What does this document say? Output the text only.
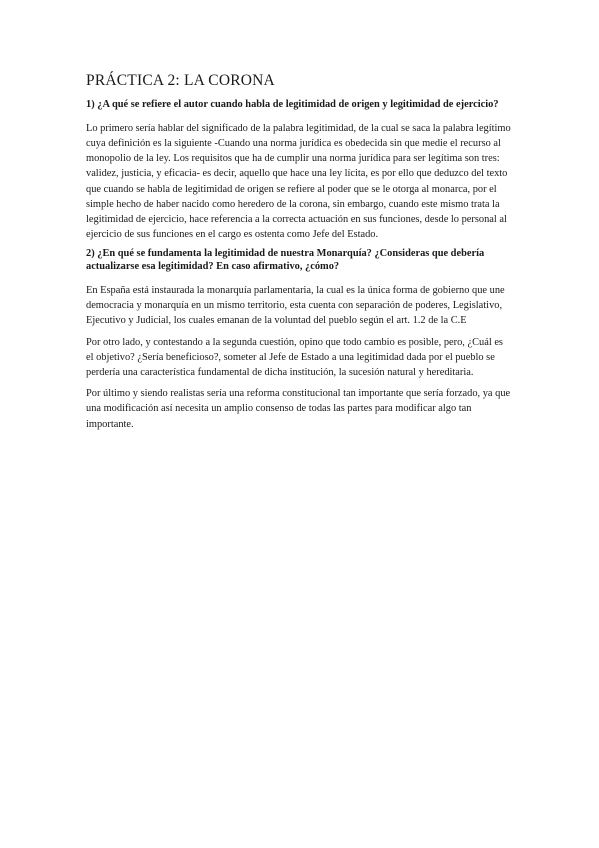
PRÁCTICA 2: LA CORONA

1) ¿A qué se refiere el autor cuando habla de legitimidad de origen y legitimidad de ejercicio?

Lo primero sería hablar del significado de la palabra legitimidad, de la cual se saca la palabra legítimo cuya definición es la siguiente -Cuando una norma jurídica es obedecida sin que medie el recurso al monopolio de la ley. Los requisitos que ha de cumplir una norma jurídica para ser legítima son tres: validez, justicia, y eficacia- es decir, aquello que hace una ley lícita, es por ello que deduzco del texto que cuando se habla de legitimidad de origen se refiere al poder que se le otorga al monarca, por el simple hecho de haber nacido como heredero de la corona, sin embargo, cuando este mismo trata la legitimidad de ejercicio, hace referencia a la correcta actuación en sus funciones, desde lo personal al ejercicio de sus funciones en el cargo es ostenta como Jefe del Estado.

2) ¿En qué se fundamenta la legitimidad de nuestra Monarquía? ¿Consideras que debería actualizarse esa legitimidad? En caso afirmativo, ¿cómo?

En España está instaurada la monarquía parlamentaria, la cual es la única forma de gobierno que une democracia y monarquía en un mismo territorio, esta cuenta con separación de poderes, Legislativo, Ejecutivo y Judicial, los cuales emanan de la voluntad del pueblo según el art. 1.2 de la C.E

Por otro lado, y contestando a la segunda cuestión, opino que todo cambio es posible, pero, ¿Cuál es el objetivo? ¿Sería beneficioso?, someter al Jefe de Estado a una legitimidad dada por el pueblo se perdería una característica fundamental de dicha institución, la sucesión natural y hereditaria.

Por último y siendo realistas sería una reforma constitucional tan importante que sería forzado, ya que una modificación así necesita un amplio consenso de todas las partes para modificar algo tan importante.
